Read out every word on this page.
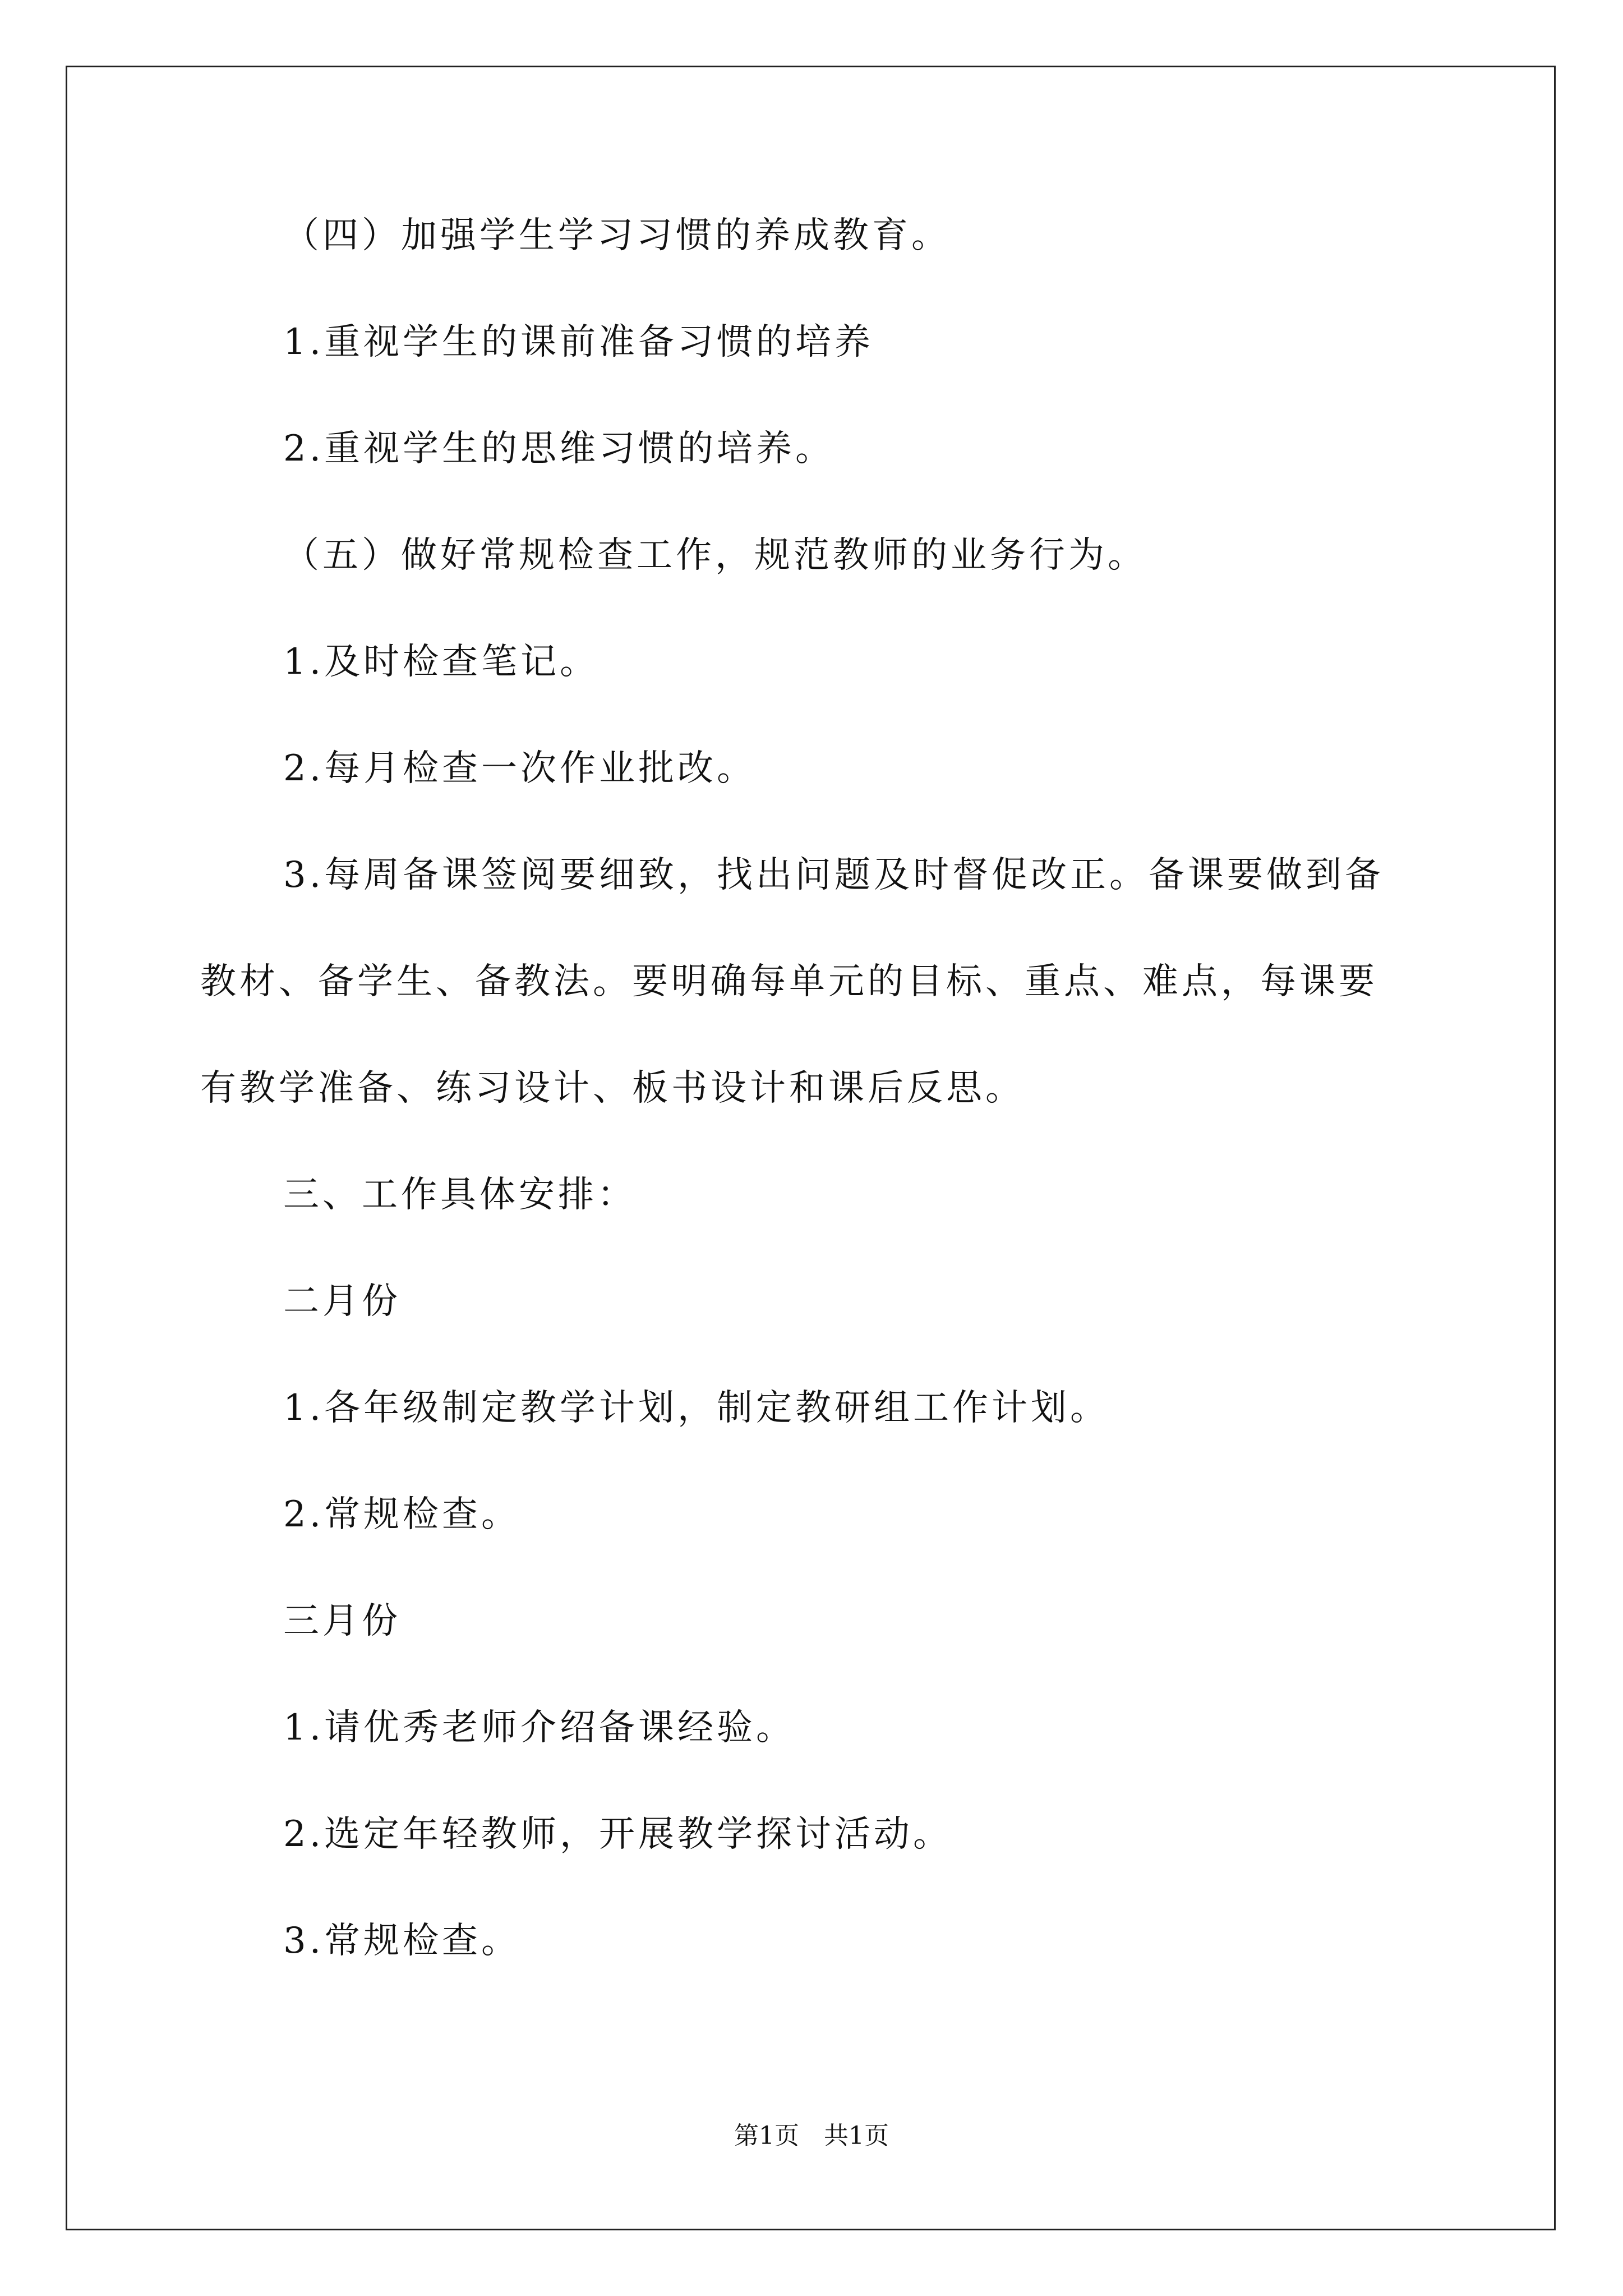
（四）加强学生学习习惯的养成教育。
1.重视学生的课前准备习惯的培养
2.重视学生的思维习惯的培养。
（五）做好常规检查工作，规范教师的业务行为。
1.及时检查笔记。
2.每月检查一次作业批改。
3.每周备课签阅要细致，找出问题及时督促改正。备课要做到备
教材、备学生、备教法。要明确每单元的目标、重点、难点，每课要
有教学准备、练习设计、板书设计和课后反思。
三、工作具体安排：
二月份
1.各年级制定教学计划，制定教研组工作计划。
2.常规检查。
三月份
1.请优秀老师介绍备课经验。
2.选定年轻教师，开展教学探讨活动。
3.常规检查。
第1页　共1页
